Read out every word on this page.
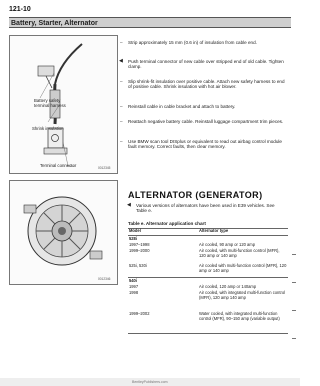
121-10
Battery, Starter, Alternator
Battery safety terminal harness
Shrink insulation
Terminal connector	0012345
– Strip approximately 15 mm (0.6 in) of insulation from cable end.
◀ Push terminal connector of new cable over stripped end of old cable. Tighten clamp.
– Slip shrink-fit insulation over positive cable. Attach new safety harness to end of positive cable. Shrink insulation with hot air blower.
– Reinstall cable in cable bracket and attach to battery.
– Reattach negative battery cable. Reinstall luggage compartment trim pieces.
– Use BMW scan tool DISplus or equivalent to read out airbag control module fault memory. Correct faults, then clear memory.
0012346
ALTERNATOR (GENERATOR)
◀ Various versions of alternators have been used in E39 vehicles. See Table e.
Table e. Alternator application chart
Model	Alternator type
528i
1997–1998	Air cooled, 90 amp or 120 amp
1999–2000	Air cooled, with multi-function control (MFR), 120 amp or 140 amp
525i, 530i	Air cooled with multi-function control (MFR), 120 amp or 140 amp
540i
1997	Air cooled, 120 amp or 140amp
1998	Air cooled, with integrated multi-function control (MFR), 120 amp 140 amp
1999–2002	Water cooled, with integrated multi-function control (MFR), 90–150 amp (variable output)
BentleyPublishers.com
